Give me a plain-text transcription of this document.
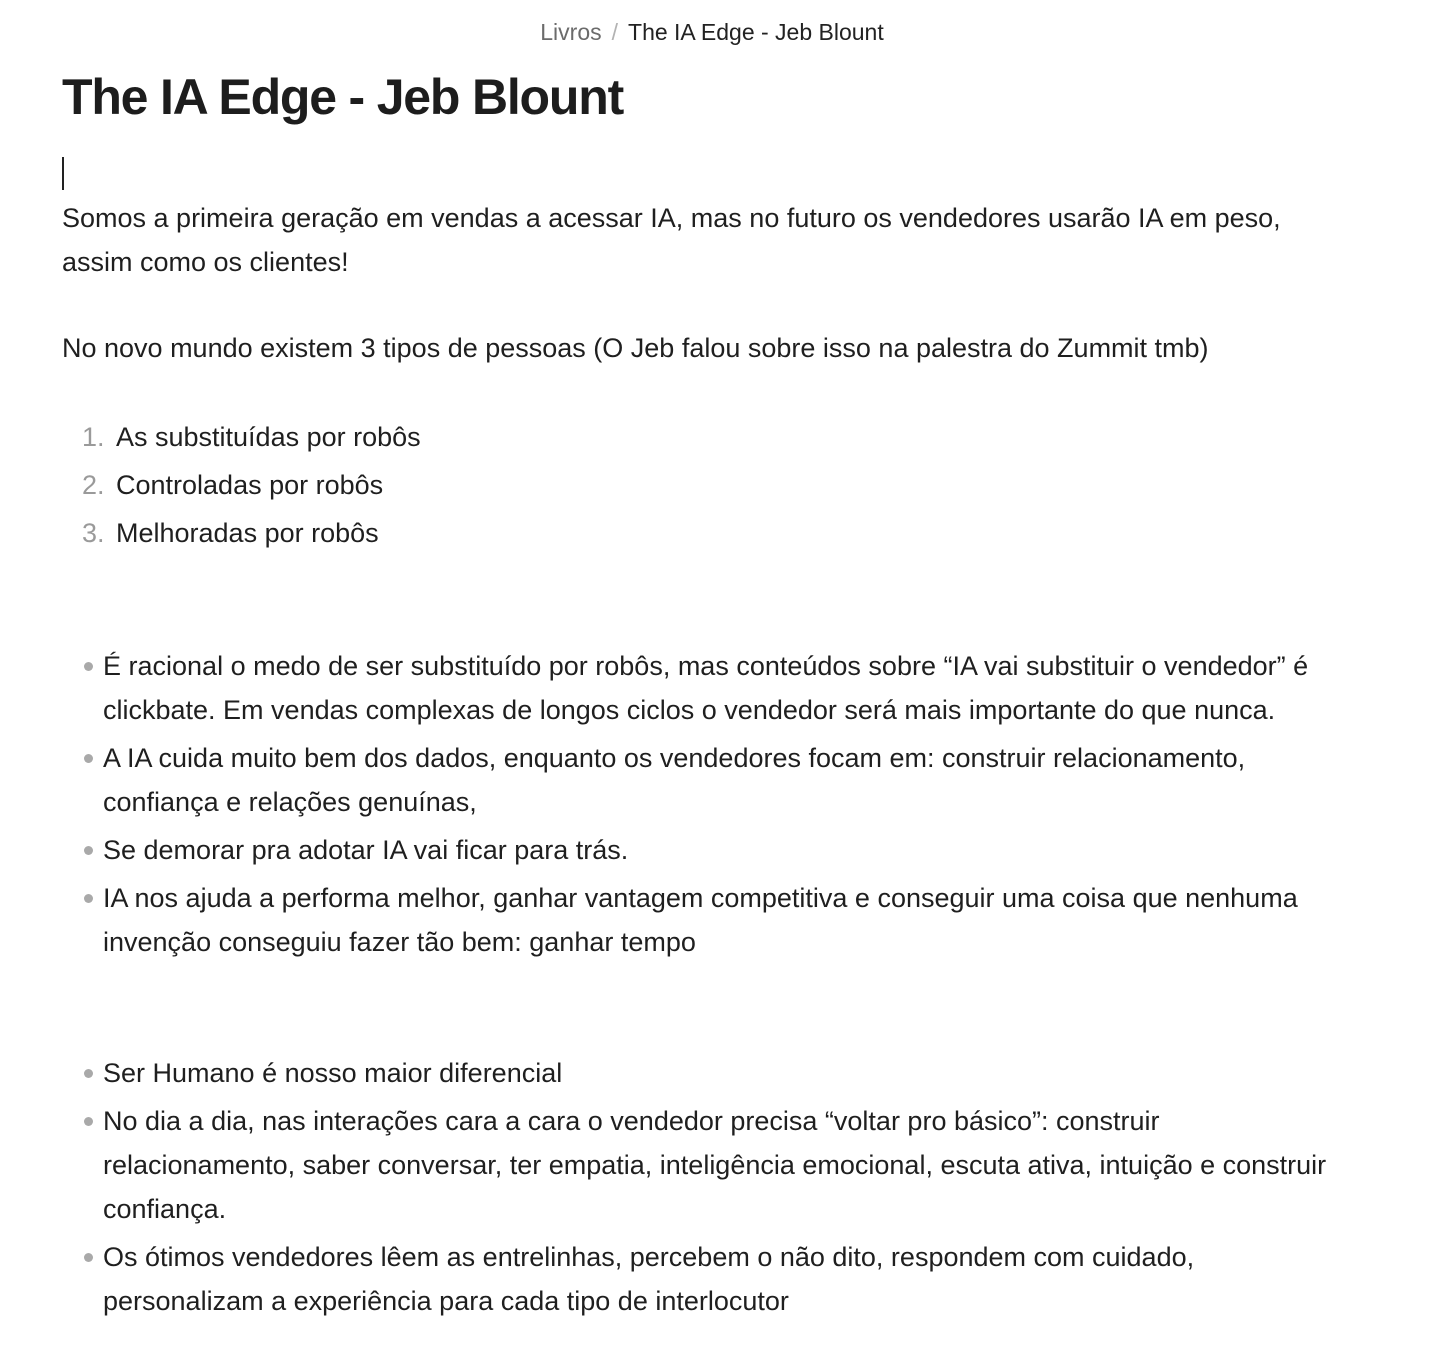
Livros / The IA Edge - Jeb Blount
The IA Edge - Jeb Blount

Somos a primeira geração em vendas a acessar IA, mas no futuro os vendedores usarão IA em peso, assim como os clientes!

No novo mundo existem 3 tipos de pessoas (O Jeb falou sobre isso na palestra do Zummit tmb)

1. As substituídas por robôs
2. Controladas por robôs
3. Melhoradas por robôs
É racional o medo de ser substituído por robôs, mas conteúdos sobre “IA vai substituir o vendedor” é clickbate. Em vendas complexas de longos ciclos o vendedor será mais importante do que nunca.
A IA cuida muito bem dos dados, enquanto os vendedores focam em: construir relacionamento, confiança e relações genuínas,
Se demorar pra adotar IA vai ficar para trás.
IA nos ajuda a performa melhor, ganhar vantagem competitiva e conseguir uma coisa que nenhuma invenção conseguiu fazer tão bem: ganhar tempo
Ser Humano é nosso maior diferencial
No dia a dia, nas interações cara a cara o vendedor precisa “voltar pro básico”: construir relacionamento, saber conversar, ter empatia, inteligência emocional, escuta ativa, intuição e construir confiança.
Os ótimos vendedores lêem as entrelinhas, percebem o não dito, respondem com cuidado, personalizam a experiência para cada tipo de interlocutor
